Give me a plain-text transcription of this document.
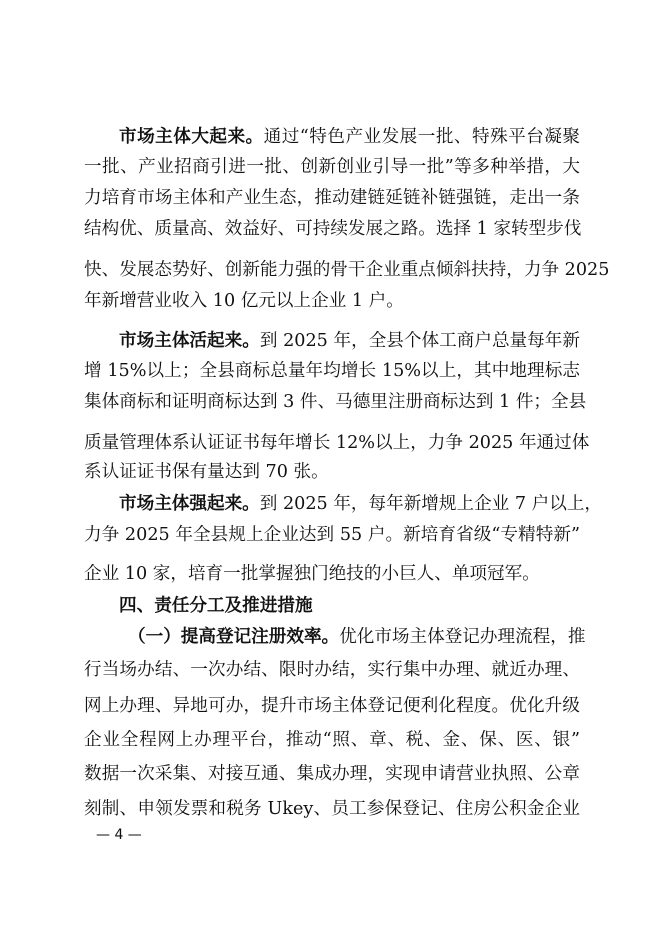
市场主体大起来。通过“特色产业发展一批、特殊平台凝聚
一批、产业招商引进一批、创新创业引导一批”等多种举措，大
力培育市场主体和产业生态，推动建链延链补链强链，走出一条
结构优、质量高、效益好、可持续发展之路。选择 1 家转型步伐
快、发展态势好、创新能力强的骨干企业重点倾斜扶持，力争 2025
年新增营业收入 10 亿元以上企业 1 户。
市场主体活起来。到 2025 年，全县个体工商户总量每年新
增 15%以上；全县商标总量年均增长 15%以上，其中地理标志
集体商标和证明商标达到 3 件、马德里注册商标达到 1 件；全县
质量管理体系认证证书每年增长 12%以上，力争 2025 年通过体
系认证证书保有量达到 70 张。
市场主体强起来。到 2025 年，每年新增规上企业 7 户以上，
力争 2025 年全县规上企业达到 55 户。新培育省级“专精特新”
企业 10 家，培育一批掌握独门绝技的小巨人、单项冠军。
四、责任分工及推进措施
（一）提高登记注册效率。优化市场主体登记办理流程，推
行当场办结、一次办结、限时办结，实行集中办理、就近办理、
网上办理、异地可办，提升市场主体登记便利化程度。优化升级
企业全程网上办理平台，推动“照、章、税、金、保、医、银”
数据一次采集、对接互通、集成办理，实现申请营业执照、公章
刻制、申领发票和税务 Ukey、员工参保登记、住房公积金企业
— 4 —
